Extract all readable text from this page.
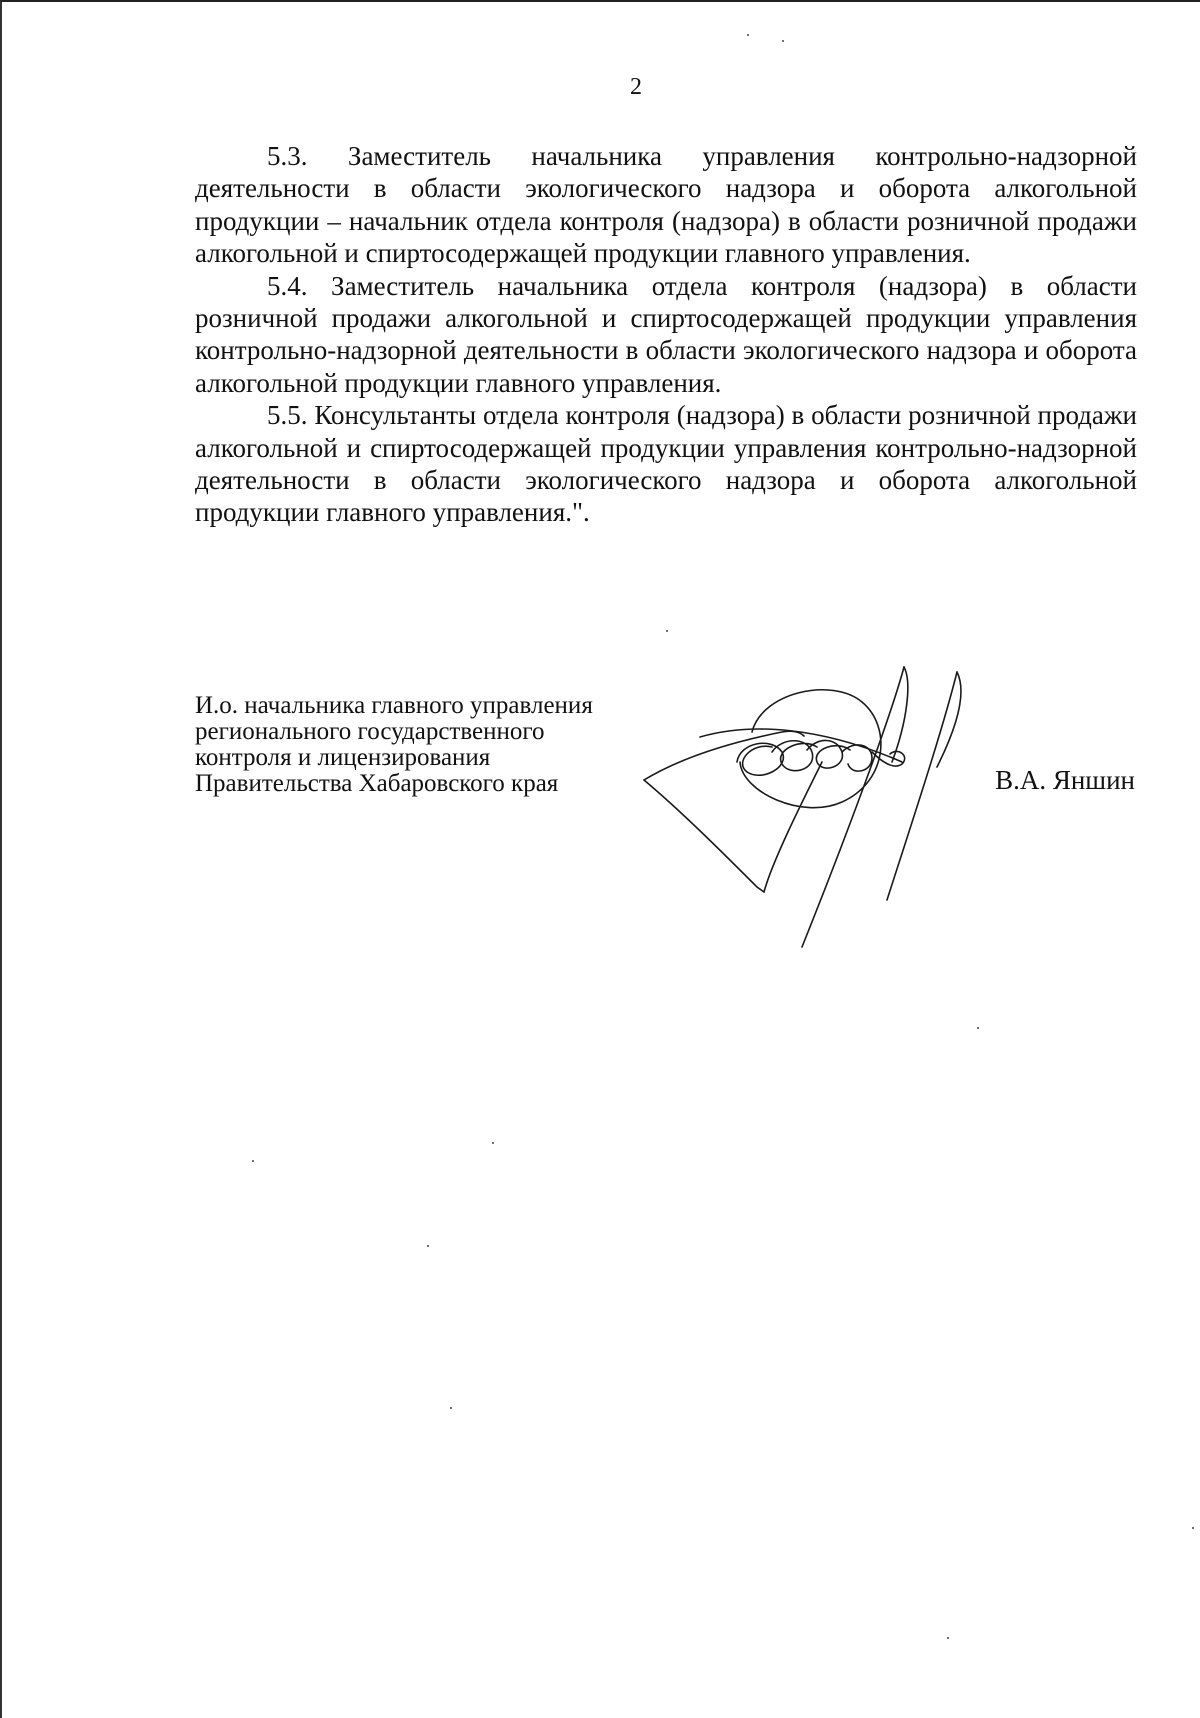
2

5.3. Заместитель начальника управления контрольно-надзорной деятельности в области экологического надзора и оборота алкогольной продукции – начальник отдела контроля (надзора) в области розничной продажи алкогольной и спиртосодержащей продукции главного управления.

5.4. Заместитель начальника отдела контроля (надзора) в области розничной продажи алкогольной и спиртосодержащей продукции управления контрольно-надзорной деятельности в области экологического надзора и оборота алкогольной продукции главного управления.

5.5. Консультанты отдела контроля (надзора) в области розничной продажи алкогольной и спиртосодержащей продукции управления контрольно-надзорной деятельности в области экологического надзора и оборота алкогольной продукции главного управления.".

И.о. начальника главного управления
регионального государственного
контроля и лицензирования
Правительства Хабаровского края	В.А. Яншин
